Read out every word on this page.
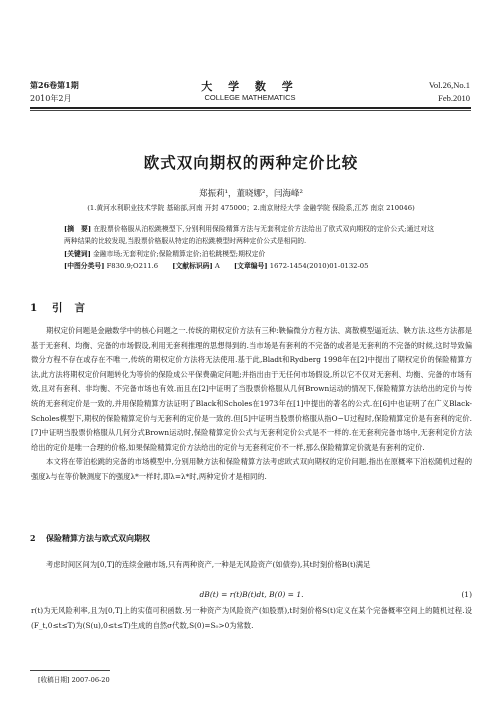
第26卷第1期
2010年2月
大 学 数 学
COLLEGE MATHEMATICS
Vol.26,No.1
Feb.2010
欧式双向期权的两种定价比较
郑振莉¹，董晓娜²，闫海峰²
(1.黄河水利职业技术学院 基础部,河南 开封 475000；2.南京财经大学 金融学院 保险系,江苏 南京 210046)

[摘　要] 在股票价格服从泊松跳模型下,分别利用保险精算方法与无套利定价方法给出了欧式双向期权的定价公式;通过对这两种结果的比较发现,当股票价格服从特定的泊松跳模型时两种定价公式是相同的.

[关键词] 金融市场;无套利定价;保险精算定价;泊松跳模型;期权定价
[中图分类号] F830.9;O211.6 [文献标识码] A [文章编号] 1672-1454(2010)01-0132-05
1 引言

期权定价问题是金融数学中的核心问题之一.传统的期权定价方法有三种:鞅偏微分方程方法、离散模型逼近法、鞅方法.这些方法都是基于无套利、均衡、完备的市场假设,利用无套利推理的思想得到的.当市场是有套利的不完备的或者是无套利的不完备的时候,这时导致偏微分方程不存在或存在不唯一,传统的期权定价方法将无法使用.基于此,Bladt和Rydberg 1998年在[2]中提出了期权定价的保险精算方法,此方法将期权定价问题转化为等价的保险成公平保费确定问题;并指出由于无任何市场假设,所以它不仅对无套利、均衡、完备的市场有效,且对有套利、非均衡、不完备市场也有效.而且在[2]中证明了当股票价格服从几何Brown运动的情况下,保险精算方法给出的定价与传统的无套利定价是一致的,并用保险精算方法证明了Black和Scholes在1973年在[1]中提出的著名的公式.在[6]中也证明了在广义Black-Scholes模型下,期权的保险精算定价与无套利的定价是一致的.但[5]中证明当股票价格服从指O−U过程时,保险精算定价是有套利的定价.[7]中证明当股票价格服从几何分式Brown运动时,保险精算定价公式与无套利定价公式是不一样的.在无套利完备市场中,无套利定价方法给出的定价是唯一合理的价格,如果保险精算定价方法给出的定价与无套利定价不一样,那么保险精算定价就是有套利的定价.

本文将在带泊松跳的完备的市场模型中,分别用鞅方法和保险精算方法考虑欧式双向期权的定价问题,指出在原概率下泊松随机过程的强度λ与在等价鞅测度下的强度λ*一样时,即λ=λ*时,两种定价才是相同的.

2 保险精算方法与欧式双向期权

考虑时间区间为[0,T]的连续金融市场,只有两种资产,一种是无风险资产(如债券),其t时刻价格B(t)满足

dB(t) = r(t)B(t)dt, B(0) = 1.	(1)
r(t)为无风险利率,且为[0,T]上的实值可积函数.另一种资产为风险资产(如股票),t时刻价格S(t)定义在某个完备概率空间上的随机过程.设(F_t,0≤t≤T)为(S(u),0≤t≤T)生成的自然σ代数,S(0)=S₀>0为常数.
[收稿日期] 2007-06-20
